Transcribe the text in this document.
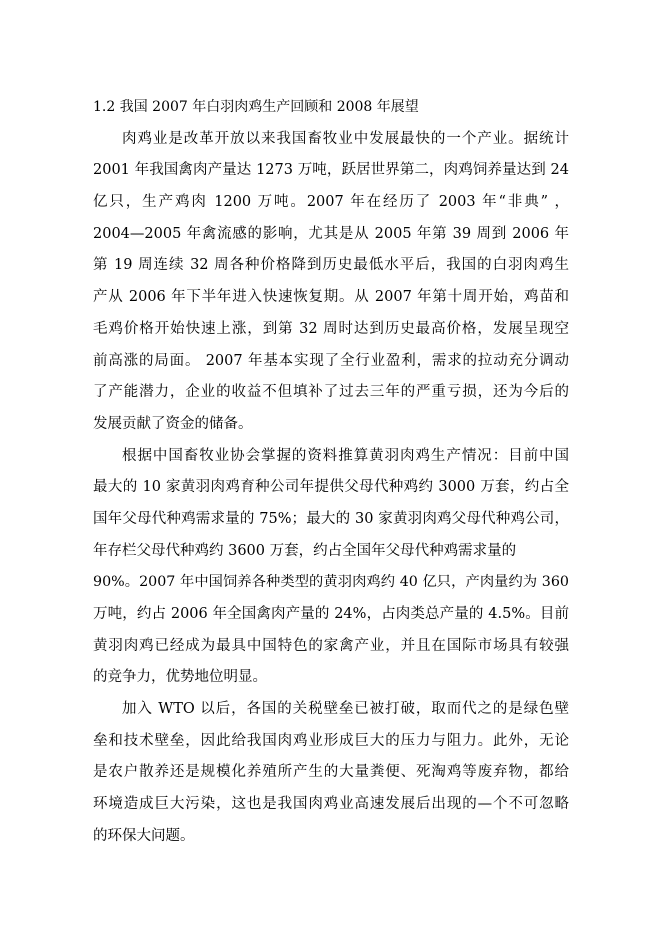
1.2 我国 2007 年白羽肉鸡生产回顾和 2008 年展望
肉鸡业是改革开放以来我国畜牧业中发展最快的一个产业。据统计
2001 年我国禽肉产量达 1273 万吨，跃居世界第二，肉鸡饲养量达到 24
亿只，生产鸡肉 1200 万吨。2007 年在经历了 2003 年“非典” ，
2004—2005 年禽流感的影响，尤其是从 2005 年第 39 周到 2006 年
第 19 周连续 32 周各种价格降到历史最低水平后，我国的白羽肉鸡生
产从 2006 年下半年进入快速恢复期。从 2007 年第十周开始，鸡苗和
毛鸡价格开始快速上涨，到第 32 周时达到历史最高价格，发展呈现空
前高涨的局面。 2007 年基本实现了全行业盈利，需求的拉动充分调动
了产能潜力，企业的收益不但填补了过去三年的严重亏损，还为今后的
发展贡献了资金的储备。
根据中国畜牧业协会掌握的资料推算黄羽肉鸡生产情况：目前中国
最大的 10 家黄羽肉鸡育种公司年提供父母代种鸡约 3000 万套，约占全
国年父母代种鸡需求量的 75%；最大的 30 家黄羽肉鸡父母代种鸡公司，
年存栏父母代种鸡约 3600 万套，约占全国年父母代种鸡需求量的
90%。2007 年中国饲养各种类型的黄羽肉鸡约 40 亿只，产肉量约为 360
万吨，约占 2006 年全国禽肉产量的 24%，占肉类总产量的 4.5%。目前
黄羽肉鸡已经成为最具中国特色的家禽产业，并且在国际市场具有较强
的竞争力，优势地位明显。
加入 WTO 以后，各国的关税壁垒已被打破，取而代之的是绿色壁
垒和技术壁垒，因此给我国肉鸡业形成巨大的压力与阻力。此外，无论
是农户散养还是规模化养殖所产生的大量粪便、死淘鸡等废弃物，都给
环境造成巨大污染，这也是我国肉鸡业高速发展后出现的—个不可忽略
的环保大问题。
